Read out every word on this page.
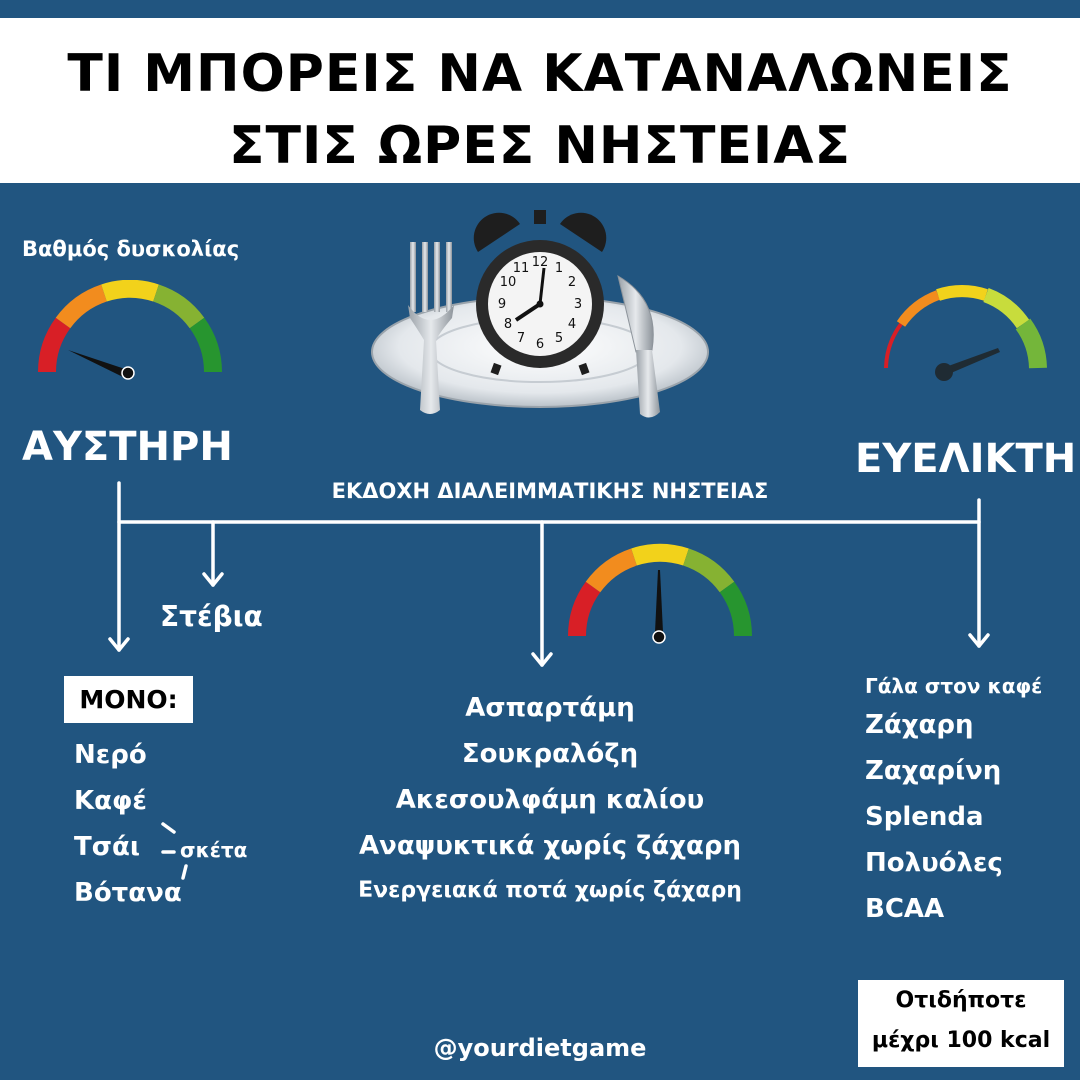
ΤΙ ΜΠΟΡΕΙΣ ΝΑ ΚΑΤΑΝΑΛΩΝΕΙΣ
ΣΤΙΣ ΩΡΕΣ ΝΗΣΤΕΙΑΣ
Βαθμός δυσκολίας
12 1
2
3
4
5
6
7
8
9
10
11
ΑΥΣΤΗΡΗ	ΕΥΕΛΙΚΤΗ
ΕΚΔΟΧΗ ΔΙΑΛΕΙΜΜΑΤΙΚΗΣ ΝΗΣΤΕΙΑΣ
Στέβια
ΜΟΝΟ:
Νερό
Καφέ
Τσάι
Βότανα
σκέτα
Ασπαρτάμη
Σουκραλόζη
Ακεσουλφάμη καλίου
Αναψυκτικά χωρίς ζάχαρη
Ενεργειακά ποτά χωρίς ζάχαρη
Γάλα στον καφέ
Ζάχαρη
Ζαχαρίνη
Splenda
Πολυόλες
BCAA
Οτιδήποτε
μέχρι 100 kcal
@yourdietgame
